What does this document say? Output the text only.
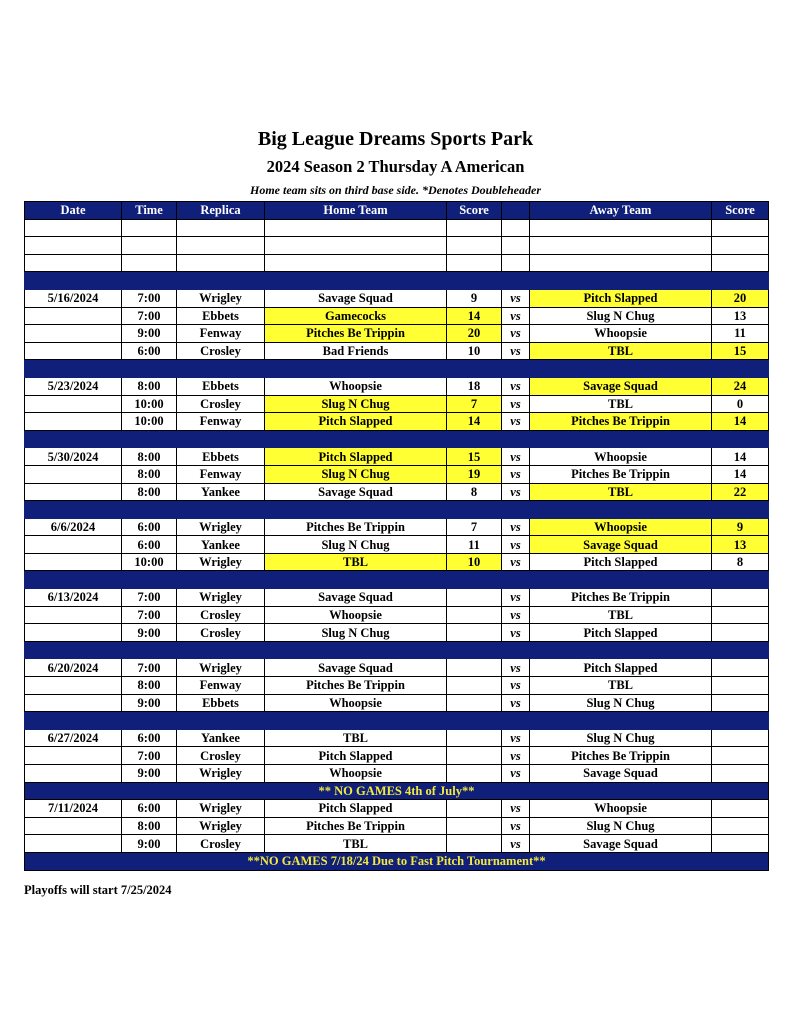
Big League Dreams Sports Park
2024 Season 2 Thursday A American
Home team sits on third base side. *Denotes Doubleheader
Date	Time	Replica	Home Team	Score		Away Team	Score

5/16/2024	7:00	Wrigley	Savage Squad	9	vs	Pitch Slapped	20
	7:00	Ebbets	Gamecocks	14	vs	Slug N Chug	13
	9:00	Fenway	Pitches Be Trippin	20	vs	Whoopsie	11
	6:00	Crosley	Bad Friends	10	vs	TBL	15

5/23/2024	8:00	Ebbets	Whoopsie	18	vs	Savage Squad	24
	10:00	Crosley	Slug N Chug	7	vs	TBL	0
	10:00	Fenway	Pitch Slapped	14	vs	Pitches Be Trippin	14

5/30/2024	8:00	Ebbets	Pitch Slapped	15	vs	Whoopsie	14
	8:00	Fenway	Slug N Chug	19	vs	Pitches Be Trippin	14
	8:00	Yankee	Savage Squad	8	vs	TBL	22

6/6/2024	6:00	Wrigley	Pitches Be Trippin	7	vs	Whoopsie	9
	6:00	Yankee	Slug N Chug	11	vs	Savage Squad	13
	10:00	Wrigley	TBL	10	vs	Pitch Slapped	8

6/13/2024	7:00	Wrigley	Savage Squad		vs	Pitches Be Trippin	
	7:00	Crosley	Whoopsie		vs	TBL	
	9:00	Crosley	Slug N Chug		vs	Pitch Slapped	

6/20/2024	7:00	Wrigley	Savage Squad		vs	Pitch Slapped	
	8:00	Fenway	Pitches Be Trippin		vs	TBL	
	9:00	Ebbets	Whoopsie		vs	Slug N Chug	

6/27/2024	6:00	Yankee	TBL		vs	Slug N Chug	
	7:00	Crosley	Pitch Slapped		vs	Pitches Be Trippin	
	9:00	Wrigley	Whoopsie		vs	Savage Squad	
** NO GAMES 4th of July**							
7/11/2024	6:00	Wrigley	Pitch Slapped		vs	Whoopsie	
	8:00	Wrigley	Pitches Be Trippin		vs	Slug N Chug	
	9:00	Crosley	TBL		vs	Savage Squad	
**NO GAMES 7/18/24 Due to Fast Pitch Tournament**							
Playoffs will start 7/25/2024
